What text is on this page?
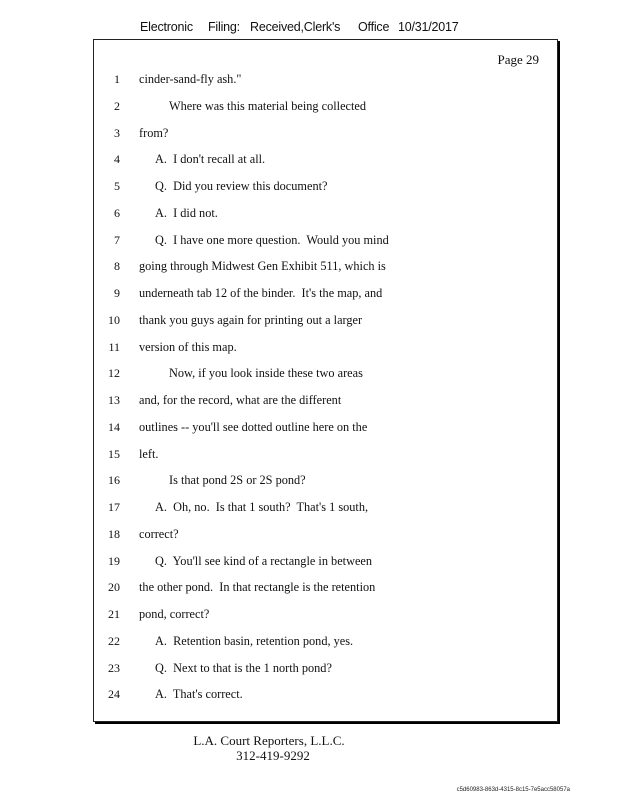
Electronic Filing: Received,Clerk's Office 10/31/2017
Page 29
1 cinder-sand-fly ash."
2	Where was this material being collected
3 from?
4	A.  I don't recall at all.
5	Q.  Did you review this document?
6	A.  I did not.
7	Q.  I have one more question.  Would you mind
8 going through Midwest Gen Exhibit 511, which is
9 underneath tab 12 of the binder.  It's the map, and
10 thank you guys again for printing out a larger
11 version of this map.
12	Now, if you look inside these two areas
13 and, for the record, what are the different
14 outlines -- you'll see dotted outline here on the
15 left.
16	Is that pond 2S or 2S pond?
17	A.  Oh, no.  Is that 1 south?  That's 1 south,
18 correct?
19	Q.  You'll see kind of a rectangle in between
20 the other pond.  In that rectangle is the retention
21 pond, correct?
22	A.  Retention basin, retention pond, yes.
23	Q.  Next to that is the 1 north pond?
24	A.  That's correct.
L.A. Court Reporters, L.L.C.
312-419-9292
c5d60983-863d-4315-8c15-7e5acc58057a
